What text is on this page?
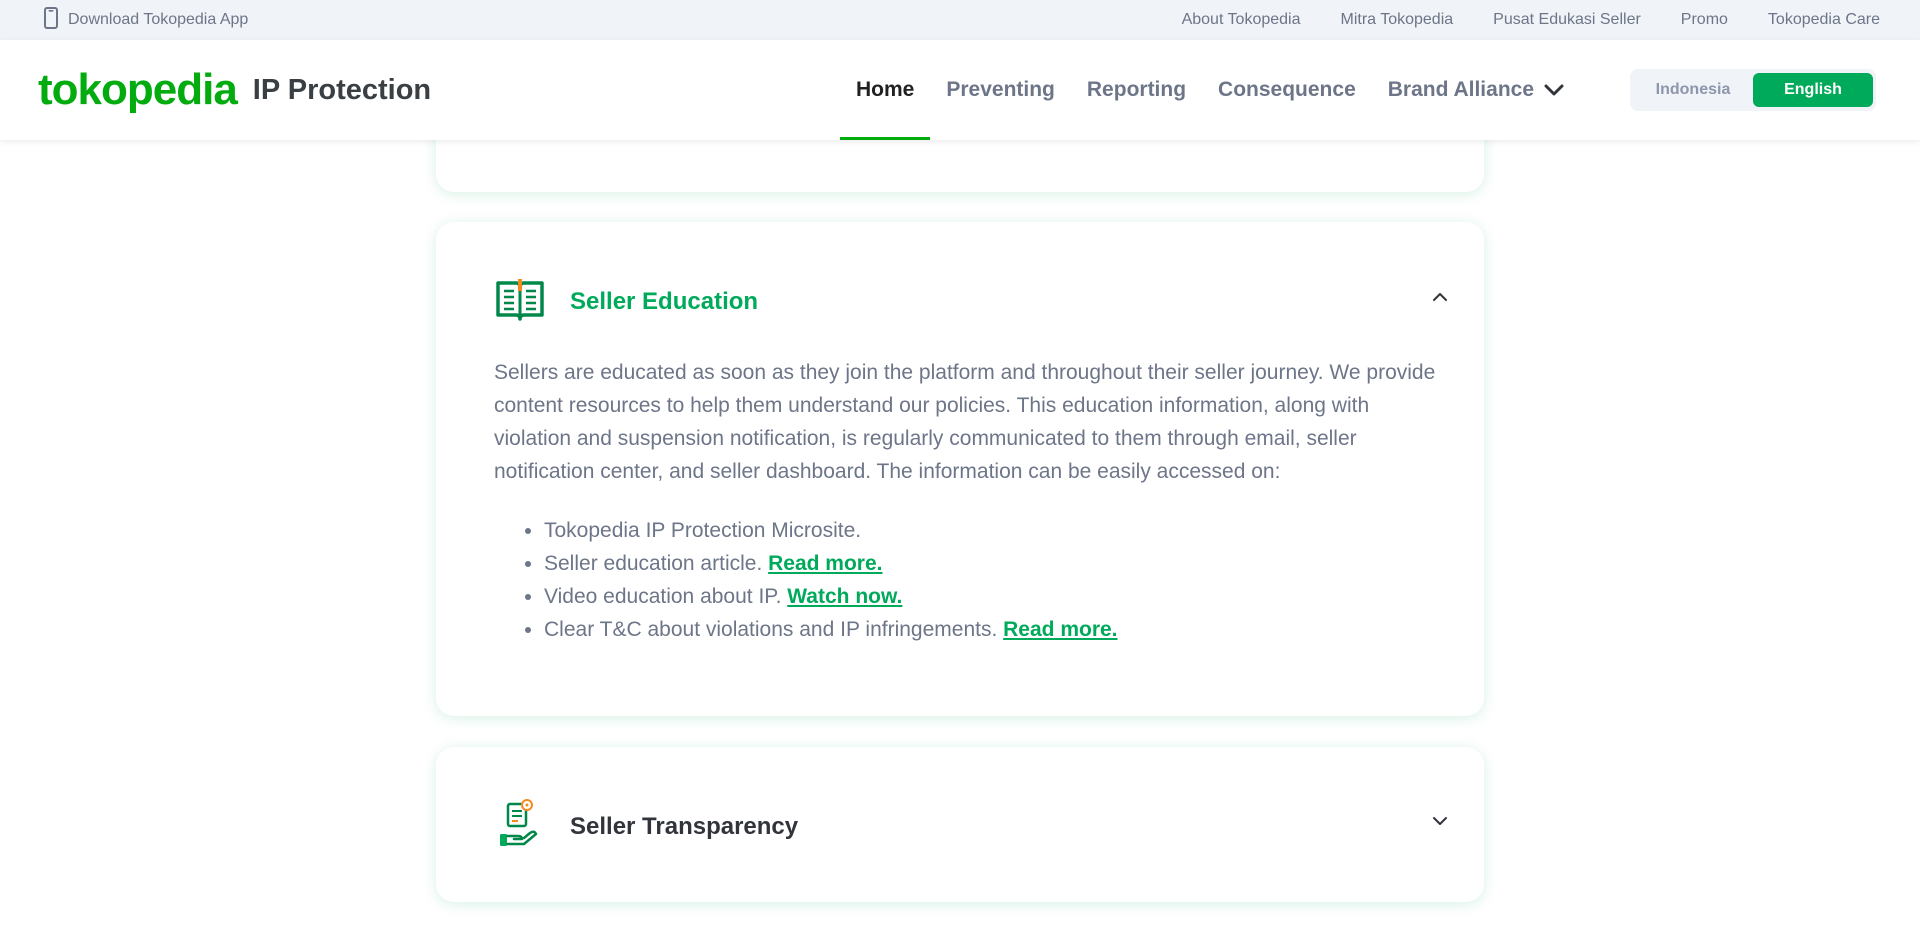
Download Tokopedia App	About Tokopedia	Mitra Tokopedia	Pusat Edukasi Seller	Promo	Tokopedia Care
tokopedia IP Protection	Home Preventing Reporting Consequence Brand Alliance	Indonesia	English
Seller Education

Sellers are educated as soon as they join the platform and throughout their seller journey. We provide content resources to help them understand our policies. This education information, along with violation and suspension notification, is regularly communicated to them through email, seller notification center, and seller dashboard. The information can be easily accessed on:

• Tokopedia IP Protection Microsite.
• Seller education article. Read more.
• Video education about IP. Watch now.
• Clear T&C about violations and IP infringements. Read more.
Seller Transparency
